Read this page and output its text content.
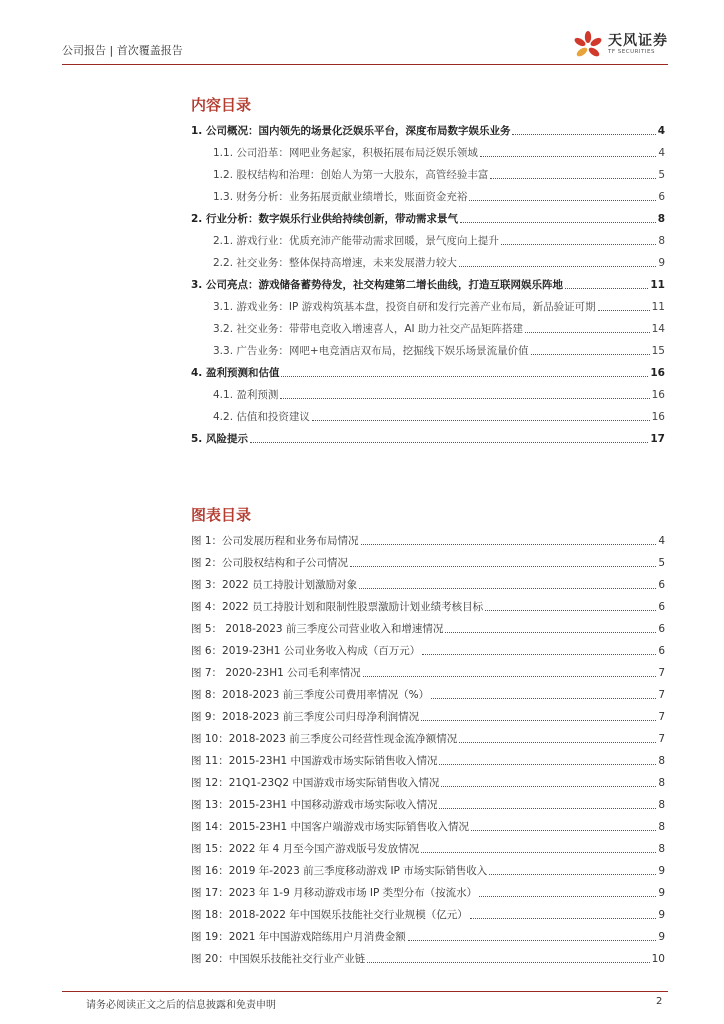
公司报告 | 首次覆盖报告
天风证券
TF SECURITIES
内容目录
1. 公司概况：国内领先的场景化泛娱乐平台，深度布局数字娱乐业务	4
1.1. 公司沿革：网吧业务起家，积极拓展布局泛娱乐领域	4
1.2. 股权结构和治理：创始人为第一大股东，高管经验丰富	5
1.3. 财务分析：业务拓展贡献业绩增长，账面资金充裕	6
2. 行业分析：数字娱乐行业供给持续创新，带动需求景气	8
2.1. 游戏行业：优质充沛产能带动需求回暖，景气度向上提升	8
2.2. 社交业务：整体保持高增速，未来发展潜力较大	9
3. 公司亮点：游戏储备蓄势待发，社交构建第二增长曲线，打造互联网娱乐阵地	11
3.1. 游戏业务：IP 游戏构筑基本盘，投资自研和发行完善产业布局，新品验证可期	11
3.2. 社交业务：带带电竞收入增速喜人，AI 助力社交产品矩阵搭建	14
3.3. 广告业务：网吧+电竞酒店双布局，挖掘线下娱乐场景流量价值	15
4. 盈利预测和估值	16
4.1. 盈利预测	16
4.2. 估值和投资建议	16
5. 风险提示	17
图表目录
图 1：公司发展历程和业务布局情况	4
图 2：公司股权结构和子公司情况	5
图 3：2022 员工持股计划激励对象	6
图 4：2022 员工持股计划和限制性股票激励计划业绩考核目标	6
图 5： 2018-2023 前三季度公司营业收入和增速情况	6
图 6：2019-23H1 公司业务收入构成（百万元）	6
图 7： 2020-23H1 公司毛利率情况	7
图 8：2018-2023 前三季度公司费用率情况（%）	7
图 9：2018-2023 前三季度公司归母净利润情况	7
图 10：2018-2023 前三季度公司经营性现金流净额情况	7
图 11：2015-23H1 中国游戏市场实际销售收入情况	8
图 12：21Q1-23Q2 中国游戏市场实际销售收入情况	8
图 13：2015-23H1 中国移动游戏市场实际收入情况	8
图 14：2015-23H1 中国客户端游戏市场实际销售收入情况	8
图 15：2022 年 4 月至今国产游戏版号发放情况	8
图 16：2019 年-2023 前三季度移动游戏 IP 市场实际销售收入	9
图 17：2023 年 1-9 月移动游戏市场 IP 类型分布（按流水）	9
图 18：2018-2022 年中国娱乐技能社交行业规模（亿元）	9
图 19：2021 年中国游戏陪练用户月消费金额	9
图 20：中国娱乐技能社交行业产业链	10
请务必阅读正文之后的信息披露和免责申明	2
